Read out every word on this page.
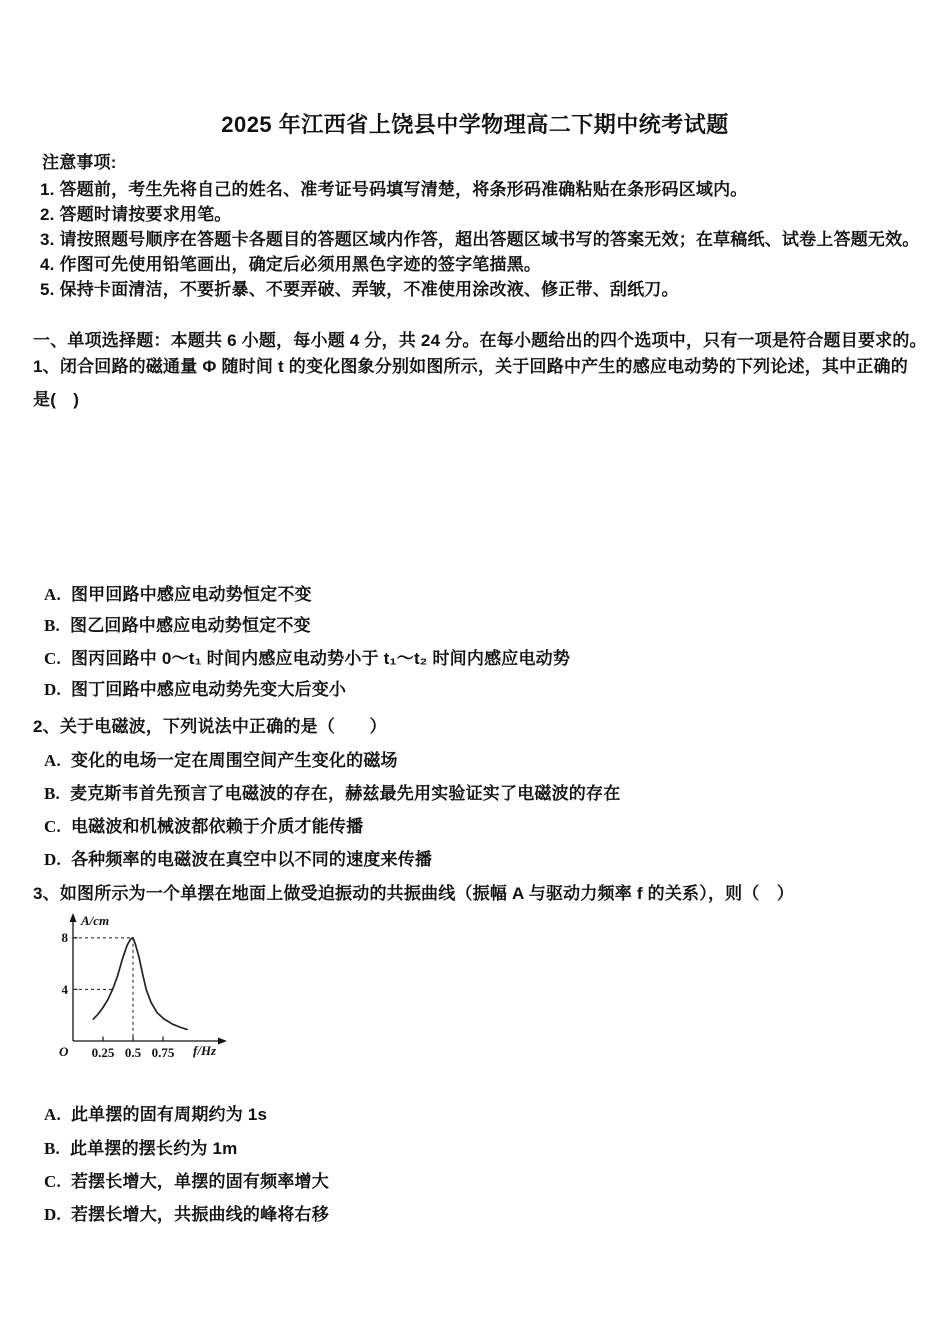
2025 年江西省上饶县中学物理高二下期中统考试题
注意事项:
1. 答题前，考生先将自己的姓名、准考证号码填写清楚，将条形码准确粘贴在条形码区域内。
2. 答题时请按要求用笔。
3. 请按照题号顺序在答题卡各题目的答题区域内作答，超出答题区域书写的答案无效；在草稿纸、试卷上答题无效。
4. 作图可先使用铅笔画出，确定后必须用黑色字迹的签字笔描黑。
5. 保持卡面清洁，不要折暴、不要弄破、弄皱，不准使用涂改液、修正带、刮纸刀。
一、单项选择题：本题共 6 小题，每小题 4 分，共 24 分。在每小题给出的四个选项中，只有一项是符合题目要求的。
1、闭合回路的磁通量 Φ 随时间 t 的变化图象分别如图所示，关于回路中产生的感应电动势的下列论述，其中正确的
是(　)
A. 图甲回路中感应电动势恒定不变
B. 图乙回路中感应电动势恒定不变
C. 图丙回路中 0～t₁ 时间内感应电动势小于 t₁～t₂ 时间内感应电动势
D. 图丁回路中感应电动势先变大后变小
2、关于电磁波，下列说法中正确的是（　　）
A. 变化的电场一定在周围空间产生变化的磁场
B. 麦克斯韦首先预言了电磁波的存在，赫兹最先用实验证实了电磁波的存在
C. 电磁波和机械波都依赖于介质才能传播
D. 各种频率的电磁波在真空中以不同的速度来传播
3、如图所示为一个单摆在地面上做受迫振动的共振曲线（振幅 A 与驱动力频率 f 的关系），则（　）
A/cm
8
4
O	0.25 0.5 0.75	f/Hz
A. 此单摆的固有周期约为 1s
B. 此单摆的摆长约为 1m
C. 若摆长增大，单摆的固有频率增大
D. 若摆长增大，共振曲线的峰将右移
